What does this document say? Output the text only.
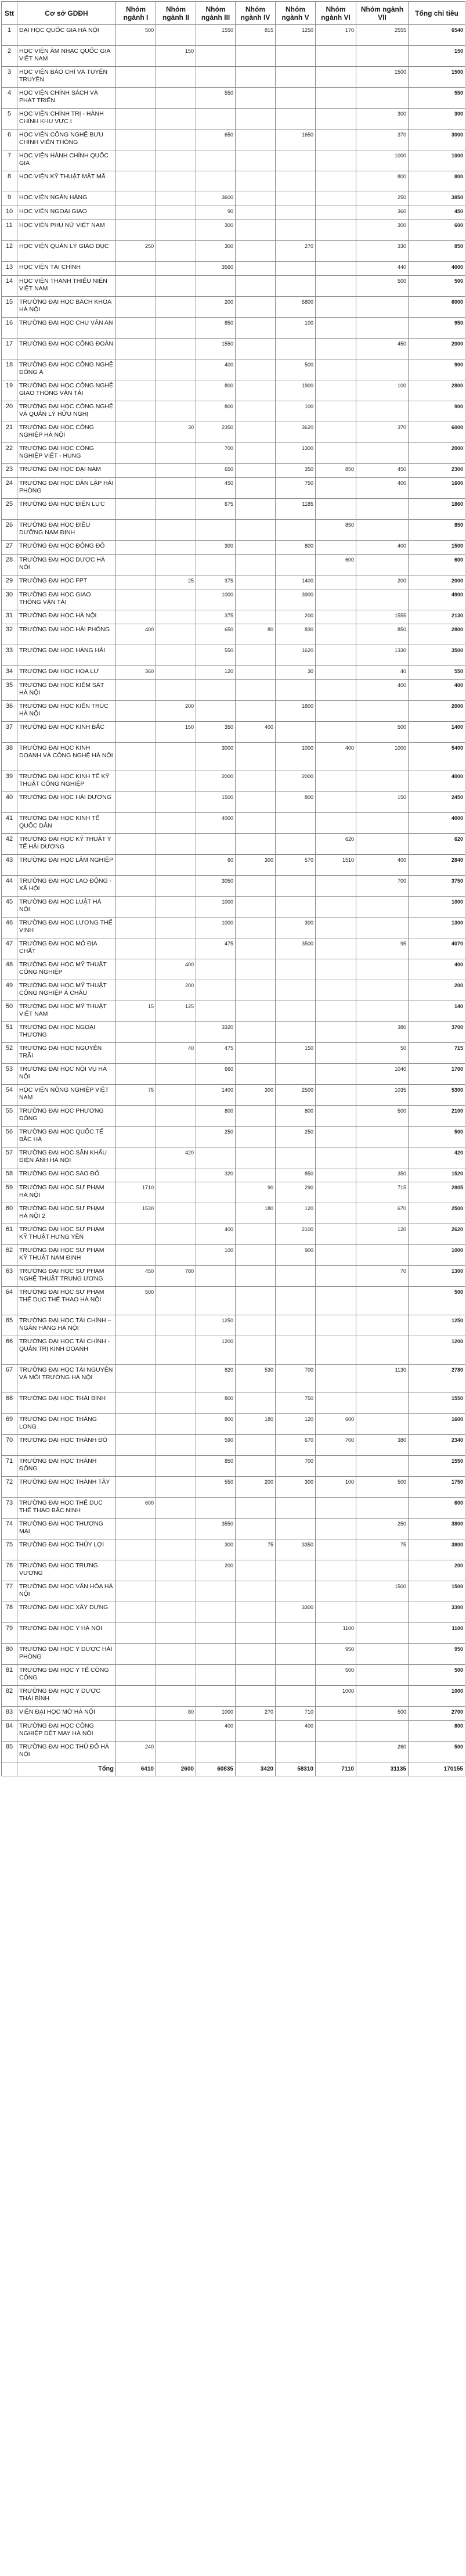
Stt	Cơ sở GDĐH	Nhóm ngành I	Nhóm ngành II	Nhóm ngành III	Nhóm ngành IV	Nhóm ngành V	Nhóm ngành VI	Nhóm ngành VII	Tổng chỉ tiêu
1	ĐẠI HỌC QUỐC GIA HÀ NỘI	500		1550	815	1250	170	2555	6540
2	HỌC VIỆN ÂM NHẠC QUỐC GIA VIỆT NAM		150						150
3	HỌC VIỆN BÁO CHÍ VÀ TUYÊN TRUYỀN							1500	1500
4	HỌC VIỆN CHÍNH SÁCH VÀ PHÁT TRIỂN			550					550
5	HỌC VIỆN CHÍNH TRỊ - HÀNH CHÍNH KHU VỰC I							300	300
6	HỌC VIỆN CÔNG NGHỆ BƯU CHÍNH VIỄN THÔNG			650		1650		370	3000
7	HỌC VIỆN HÀNH CHÍNH QUỐC GIA							1000	1000
8	HỌC VIỆN KỸ THUẬT MẬT MÃ							800	800
9	HỌC VIỆN NGÂN HÀNG			3600				250	3850
10	HỌC VIỆN NGOẠI GIAO			90				360	450
11	HỌC VIỆN PHỤ NỮ VIỆT NAM			300				300	600
12	HỌC VIỆN QUẢN LÝ GIÁO DỤC	250		300		270		330	850
13	HỌC VIỆN TÀI CHÍNH			3560				440	4000
14	HỌC VIỆN THANH THIẾU NIÊN VIỆT NAM							500	500
15	TRƯỜNG ĐẠI HỌC BÁCH KHOA HÀ NỘI			200		5800			6000
16	TRƯỜNG ĐẠI HỌC CHU VĂN AN			850		100			950
17	TRƯỜNG ĐẠI HỌC CÔNG ĐOÀN			1550				450	2000
18	TRƯỜNG ĐẠI HỌC CÔNG NGHỆ ĐÔNG Á			400		500			900
19	TRƯỜNG ĐẠI HỌC CÔNG NGHỆ GIAO THÔNG VẬN TẢI			800		1900		100	2800
20	TRƯỜNG ĐẠI HỌC CÔNG NGHỆ VÀ QUẢN LÝ HỮU NGHỊ			800		100			900
21	TRƯỜNG ĐẠI HỌC CÔNG NGHIỆP HÀ NỘI		30	2350		3620		370	6000
22	TRƯỜNG ĐẠI HỌC CÔNG NGHIỆP VIỆT - HUNG			700		1300			2000
23	TRƯỜNG ĐẠI HỌC ĐẠI NAM			650		350	850	450	2300
24	TRƯỜNG ĐẠI HỌC DÂN LẬP HẢI PHÒNG			450		750		400	1600
25	TRƯỜNG ĐẠI HỌC ĐIỆN LỰC			675		1185			1860
26	TRƯỜNG ĐẠI HỌC ĐIỀU DƯỠNG NAM ĐỊNH						850		850
27	TRƯỜNG ĐẠI HỌC ĐÔNG ĐÔ			300		800		400	1500
28	TRƯỜNG ĐẠI HỌC DƯỢC HÀ NỘI						600		600
29	TRƯỜNG ĐẠI HỌC FPT		25	375		1400		200	2000
30	TRƯỜNG ĐẠI HỌC GIAO THÔNG VẬN TẢI			1000		3900			4900
31	TRƯỜNG ĐẠI HỌC HÀ NỘI			375		200		1555	2130
32	TRƯỜNG ĐẠI HỌC HẢI PHÒNG	400		650	80	830		850	2800
33	TRƯỜNG ĐẠI HỌC HÀNG HẢI			550		1620		1330	3500
34	TRƯỜNG ĐẠI HỌC HOA LƯ	360		120		30		40	550
35	TRƯỜNG ĐẠI HỌC KIỂM SÁT HÀ NỘI							400	400
36	TRƯỜNG ĐẠI HỌC KIẾN TRÚC HÀ NỘI		200			1800			2000
37	TRƯỜNG ĐẠI HỌC KINH BẮC		150	350	400			500	1400
38	TRƯỜNG ĐẠI HỌC KINH DOANH VÀ CÔNG NGHỆ HÀ NỘI			3000		1000	400	1000	5400
39	TRƯỜNG ĐẠI HỌC KINH TẾ KỸ THUẬT CÔNG NGHIỆP			2000		2000			4000
40	TRƯỜNG ĐẠI HỌC HẢI DƯƠNG			1500		800		150	2450
41	TRƯỜNG ĐẠI HỌC KINH TẾ QUỐC DÂN			4000					4000
42	TRƯỜNG ĐẠI HỌC KỸ THUẬT Y TẾ HẢI DƯƠNG						620		620
43	TRƯỜNG ĐẠI HỌC LÂM NGHIỆP			60	300	570	1510	400	2840
44	TRƯỜNG ĐẠI HỌC LAO ĐỘNG - XÃ HỘI			3050				700	3750
45	TRƯỜNG ĐẠI HỌC LUẬT HÀ NỘI			1000					1000
46	TRƯỜNG ĐẠI HỌC LƯƠNG THẾ VINH			1000		300			1300
47	TRƯỜNG ĐẠI HỌC MỎ ĐỊA CHẤT			475		3500		95	4070
48	TRƯỜNG ĐẠI HỌC MỸ THUẬT CÔNG NGHIỆP		400						400
49	TRƯỜNG ĐẠI HỌC MỸ THUẬT CÔNG NGHIỆP Á CHÂU		200						200
50	TRƯỜNG ĐẠI HỌC MỸ THUẬT VIỆT NAM	15	125						140
51	TRƯỜNG ĐẠI HỌC NGOẠI THƯƠNG			3320				380	3700
52	TRƯỜNG ĐẠI HỌC NGUYỄN TRÃI		40	475		150		50	715
53	TRƯỜNG ĐẠI HỌC NỘI VỤ HÀ NỘI			660				1040	1700
54	HỌC VIỆN NÔNG NGHIỆP VIỆT NAM	75		1400	300	2500		1035	5300
55	TRƯỜNG ĐẠI HỌC PHƯƠNG ĐÔNG			800		800		500	2100
56	TRƯỜNG ĐẠI HỌC QUỐC TẾ BẮC HÀ			250		250			500
57	TRƯỜNG ĐẠI HỌC SÂN KHẤU ĐIỆN ẢNH HÀ NỘI		420						420
58	TRƯỜNG ĐẠI HỌC SAO ĐỎ			320		850		350	1520
59	TRƯỜNG ĐẠI HỌC SƯ PHẠM HÀ NỘI	1710			90	290		715	2805
60	TRƯỜNG ĐẠI HỌC SƯ PHẠM HÀ NỘI 2	1530			180	120		670	2500
61	TRƯỜNG ĐẠI HỌC SƯ PHẠM KỸ THUẬT HƯNG YÊN			400		2100		120	2620
62	TRƯỜNG ĐẠI HỌC SƯ PHẠM KỸ THUẬT NAM ĐỊNH			100		900			1000
63	TRƯỜNG ĐẠI HỌC SƯ PHẠM NGHỆ THUẬT TRUNG ƯƠNG	450	780					70	1300
64	TRƯỜNG ĐẠI HỌC SƯ PHẠM THỂ DỤC THỂ THAO HÀ NỘI	500							500
65	TRƯỜNG ĐẠI HỌC TÀI CHÍNH – NGÂN HÀNG HÀ NỘI			1250					1250
66	TRƯỜNG ĐẠI HỌC TÀI CHÍNH - QUẢN TRỊ KINH DOANH			1200					1200
67	TRƯỜNG ĐẠI HỌC TÀI NGUYÊN VÀ MÔI TRƯỜNG HÀ NỘI			820	530	700		1130	2780
68	TRƯỜNG ĐẠI HỌC THÁI BÌNH			800		750			1550
69	TRƯỜNG ĐẠI HỌC THĂNG LONG			800	180	120	600		1600
70	TRƯỜNG ĐẠI HỌC THÀNH ĐÔ			590		670	700	380	2340
71	TRƯỜNG ĐẠI HỌC THÀNH ĐÔNG			850		700			1550
72	TRƯỜNG ĐẠI HỌC THÀNH TÂY			550	200	300	100	500	1750
73	TRƯỜNG ĐẠI HỌC THỂ DỤC THỂ THAO BẮC NINH	600							600
74	TRƯỜNG ĐẠI HỌC THƯƠNG MẠI			3550				250	3800
75	TRƯỜNG ĐẠI HỌC THỦY LỢI			300	75	3350		75	3800
76	TRƯỜNG ĐẠI HỌC TRƯNG VƯƠNG			200					200
77	TRƯỜNG ĐẠI HỌC VĂN HÓA HÀ NỘI							1500	1500
78	TRƯỜNG ĐẠI HỌC XÂY DỰNG					3300			3300
79	TRƯỜNG ĐẠI HỌC Y HÀ NỘI						1100		1100
80	TRƯỜNG ĐẠI HỌC Y DƯỢC HẢI PHÒNG						950		950
81	TRƯỜNG ĐẠI HỌC Y TẾ CÔNG CỘNG						500		500
82	TRƯỜNG ĐẠI HỌC Y DƯỢC THÁI BÌNH						1000		1000
83	VIỆN ĐẠI HỌC MỞ HÀ NỘI		80	1000	270	710		500	2700
84	TRƯỜNG ĐẠI HỌC CÔNG NGHIỆP DỆT MAY HÀ NỘI			400		400			800
85	TRƯỜNG ĐẠI HỌC THỦ ĐÔ HÀ NỘI	240						260	500
	Tổng	6410	2600	60835	3420	58310	7110	31135	170155
